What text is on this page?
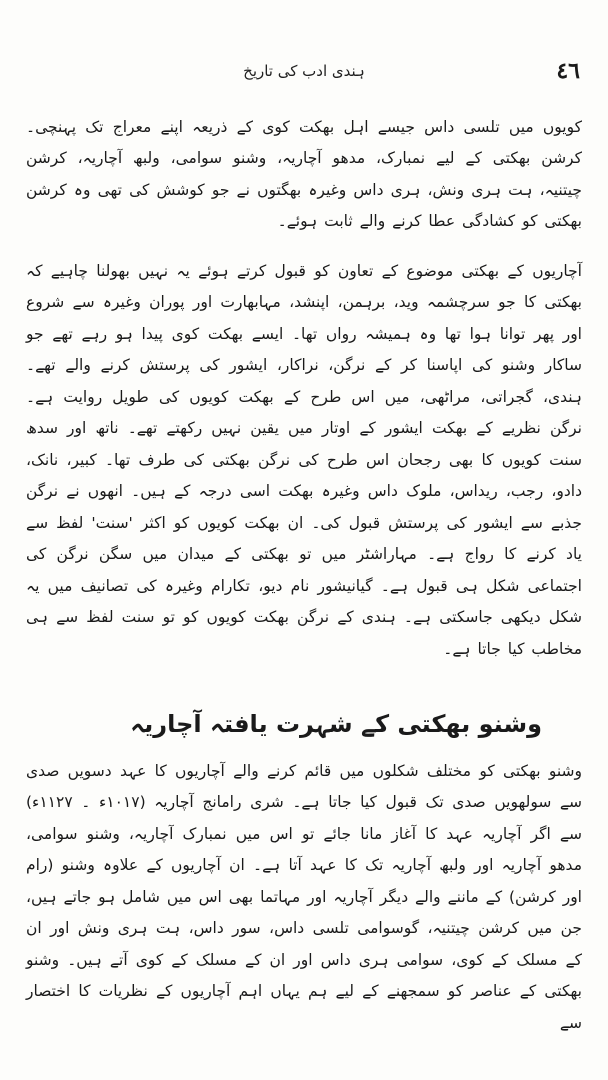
٤٦
ہندی ادب کی تاریخ

کویوں میں تلسی داس جیسے اہل بھکت کوی کے ذریعہ اپنے معراج تک پہنچی۔ کرشن بھکتی کے لیے نمبارک، مدھو آچاریہ، وشنو سوامی، ولبھ آچاریہ، کرشن چیتنیہ، ہت ہری ونش، ہری داس وغیرہ بھگتوں نے جو کوشش کی تھی وہ کرشن بھکتی کو کشادگی عطا کرنے والے ثابت ہوئے۔

آچاریوں کے بھکتی موضوع کے تعاون کو قبول کرتے ہوئے یہ نہیں بھولنا چاہیے کہ بھکتی کا جو سرچشمہ وید، برہمن، اپنشد، مہابھارت اور پوران وغیرہ سے شروع اور پھر توانا ہوا تھا وہ ہمیشہ رواں تھا۔ ایسے بھکت کوی پیدا ہو رہے تھے جو ساکار وشنو کی اپاسنا کر کے نرگن، نراکار، ایشور کی پرستش کرنے والے تھے۔ ہندی، گجراتی، مراٹھی، میں اس طرح کے بھکت کویوں کی طویل روایت ہے۔ نرگن نظریے کے بھکت ایشور کے اوتار میں یقین نہیں رکھتے تھے۔ ناتھ اور سدھ سنت کویوں کا بھی رجحان اس طرح کی نرگن بھکتی کی طرف تھا۔ کبیر، نانک، دادو، رجب، ریداس، ملوک داس وغیرہ بھکت اسی درجہ کے ہیں۔ انھوں نے نرگن جذبے سے ایشور کی پرستش قبول کی۔ ان بھکت کویوں کو اکثر 'سنت' لفظ سے یاد کرنے کا رواج ہے۔ مہاراشٹر میں تو بھکتی کے میدان میں سگن نرگن کی اجتماعی شکل ہی قبول ہے۔ گیانیشور نام دیو، تکارام وغیرہ کی تصانیف میں یہ شکل دیکھی جاسکتی ہے۔ ہندی کے نرگن بھکت کویوں کو تو سنت لفظ سے ہی مخاطب کیا جاتا ہے۔

وشنو بھکتی کے شہرت یافتہ آچاریہ

وشنو بھکتی کو مختلف شکلوں میں قائم کرنے والے آچاریوں کا عہد دسویں صدی سے سولھویں صدی تک قبول کیا جاتا ہے۔ شری رامانج آچاریہ (۱۰۱۷ء ۔ ۱۱۲۷ء) سے اگر آچاریہ عہد کا آغاز مانا جائے تو اس میں نمبارک آچاریہ، وشنو سوامی، مدھو آچاریہ اور ولبھ آچاریہ تک کا عہد آتا ہے۔ ان آچاریوں کے علاوہ وشنو (رام اور کرشن) کے ماننے والے دیگر آچاریہ اور مہاتما بھی اس میں شامل ہو جاتے ہیں، جن میں کرشن چیتنیہ، گوسوامی تلسی داس، سور داس، ہت ہری ونش اور ان کے مسلک کے کوی، سوامی ہری داس اور ان کے مسلک کے کوی آتے ہیں۔ وشنو بھکتی کے عناصر کو سمجھنے کے لیے ہم یہاں اہم آچاریوں کے نظریات کا اختصار سے
